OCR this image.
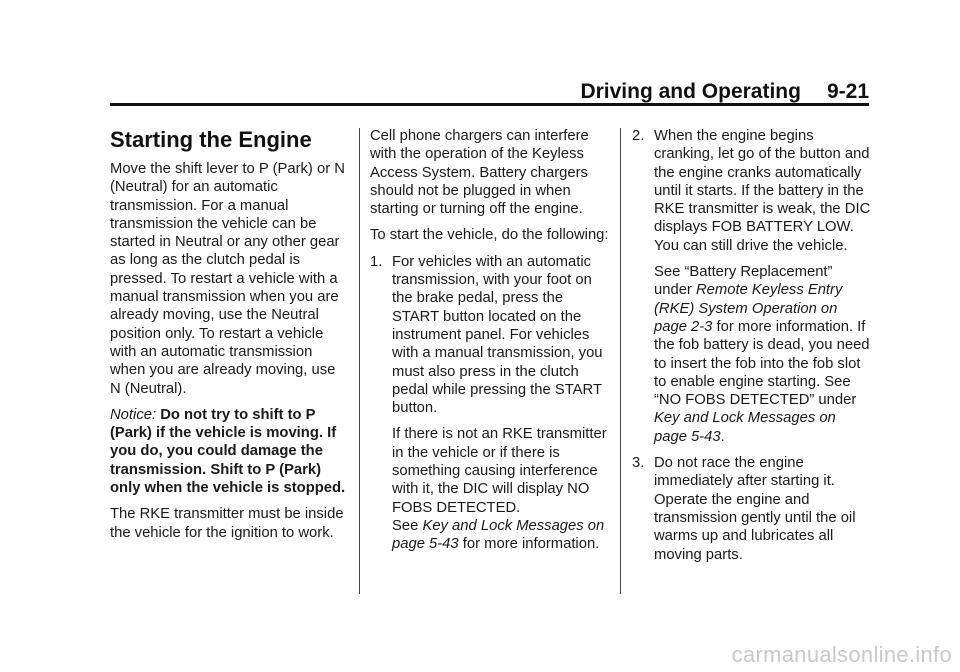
Driving and Operating 9-21
Starting the Engine

Move the shift lever to P (Park) or N (Neutral) for an automatic transmission. For a manual transmission the vehicle can be started in Neutral or any other gear as long as the clutch pedal is pressed. To restart a vehicle with a manual transmission when you are already moving, use the Neutral position only. To restart a vehicle with an automatic transmission when you are already moving, use N (Neutral).

Notice: Do not try to shift to P (Park) if the vehicle is moving. If you do, you could damage the transmission. Shift to P (Park) only when the vehicle is stopped.

The RKE transmitter must be inside the vehicle for the ignition to work.

Cell phone chargers can interfere with the operation of the Keyless Access System. Battery chargers should not be plugged in when starting or turning off the engine.

To start the vehicle, do the following:

1. For vehicles with an automatic transmission, with your foot on the brake pedal, press the START button located on the instrument panel. For vehicles with a manual transmission, you must also press in the clutch pedal while pressing the START button.
If there is not an RKE transmitter in the vehicle or if there is something causing interference with it, the DIC will display NO FOBS DETECTED.
See Key and Lock Messages on page 5-43 for more information.
2. When the engine begins cranking, let go of the button and the engine cranks automatically until it starts. If the battery in the RKE transmitter is weak, the DIC displays FOB BATTERY LOW. You can still drive the vehicle.
See “Battery Replacement” under Remote Keyless Entry (RKE) System Operation on page 2-3 for more information. If the fob battery is dead, you need to insert the fob into the fob slot to enable engine starting. See “NO FOBS DETECTED” under Key and Lock Messages on page 5-43.
3. Do not race the engine immediately after starting it. Operate the engine and transmission gently until the oil warms up and lubricates all moving parts.
carmanualsonline.info
